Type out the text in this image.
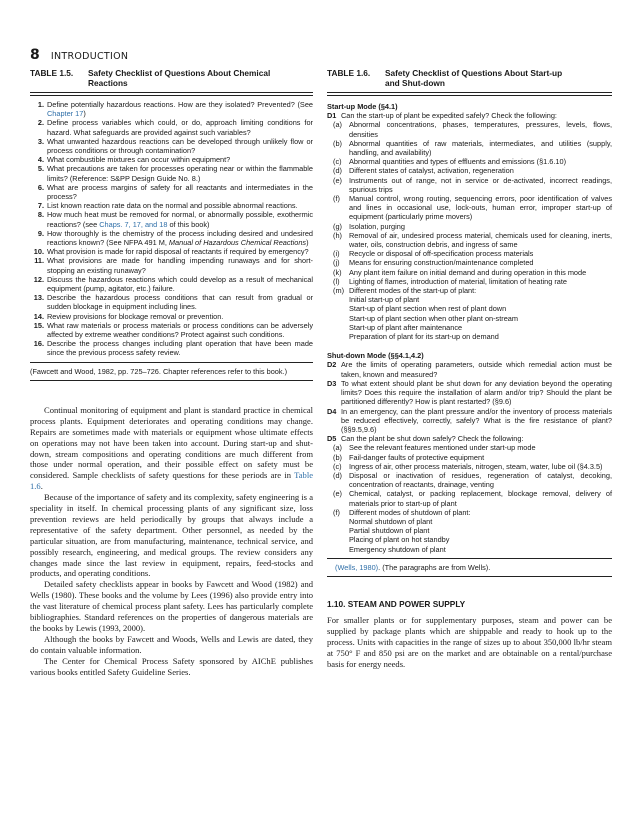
8 INTRODUCTION
TABLE 1.5. Safety Checklist of Questions About Chemical
Reactions
1. Define potentially hazardous reactions. How are they isolated? Prevented? (See Chapter 17)
2. Define process variables which could, or do, approach limiting conditions for hazard. What safeguards are provided against such variables?
3. What unwanted hazardous reactions can be developed through unlikely flow or process conditions or through contamination?
4. What combustible mixtures can occur within equipment?
5. What precautions are taken for processes operating near or within the flammable limits? (Reference: S&PP Design Guide No. 8.)
6. What are process margins of safety for all reactants and intermediates in the process?
7. List known reaction rate data on the normal and possible abnormal reactions.
8. How much heat must be removed for normal, or abnormally possible, exothermic reactions? (see Chaps. 7, 17, and 18 of this book)
9. How thoroughly is the chemistry of the process including desired and undesired reactions known? (See NFPA 491 M, Manual of Hazardous Chemical Reactions)
10. What provision is made for rapid disposal of reactants if required by emergency?
11. What provisions are made for handling impending runaways and for short-stopping an existing runaway?
12. Discuss the hazardous reactions which could develop as a result of mechanical equipment (pump, agitator, etc.) failure.
13. Describe the hazardous process conditions that can result from gradual or sudden blockage in equipment including lines.
14. Review provisions for blockage removal or prevention.
15. What raw materials or process materials or process conditions can be adversely affected by extreme weather conditions? Protect against such conditions.
16. Describe the process changes including plant operation that have been made since the previous process safety review.
(Fawcett and Wood, 1982, pp. 725–726. Chapter references refer to this book.)

Continual monitoring of equipment and plant is standard practice in chemical process plants. Equipment deteriorates and operating conditions may change. Repairs are sometimes made with materials or equipment whose ultimate effects on operations may not have been taken into account. During start-up and shut-down, stream compositions and operating conditions are much different from those under normal operation, and their possible effect on safety must be considered. Sample checklists of safety questions for these periods are in Table 1.6.

Because of the importance of safety and its complexity, safety engineering is a speciality in itself. In chemical processing plants of any significant size, loss prevention reviews are held periodically by groups that always include a representative of the safety department. Other personnel, as needed by the particular situation, are from manufacturing, maintenance, technical service, and possibly research, engineering, and medical groups. The review considers any changes made since the last review in equipment, repairs, feed-stocks and products, and operating conditions.

Detailed safety checklists appear in books by Fawcett and Wood (1982) and Wells (1980). These books and the volume by Lees (1996) also provide entry into the vast literature of chemical process plant safety. Lees has particularly complete bibliographies. Standard references on the properties of dangerous materials are the books by Lewis (1993, 2000).

Although the books by Fawcett and Woods, Wells and Lewis are dated, they do contain valuable information.

The Center for Chemical Process Safety sponsored by AIChE publishes various books entitled Safety Guideline Series.

TABLE 1.6. Safety Checklist of Questions About Start-up
and Shut-down
Start-up Mode (§4.1)
D1 Can the start-up of plant be expedited safely? Check the following:
(a) Abnormal concentrations, phases, temperatures, pressures, levels, flows, densities
(b) Abnormal quantities of raw materials, intermediates, and utilities (supply, handling, and availability)
(c)	Abnormal quantities and types of effluents and emissions (§1.6.10)
(d) Different states of catalyst, activation, regeneration
(e) Instruments out of range, not in service or de-activated, incorrect readings, spurious trips
(f)	Manual control, wrong routing, sequencing errors, poor identification of valves and lines in occasional use, lock-outs, human error, improper start-up of equipment (particularly prime movers)
(g) Isolation, purging
(h) Removal of air, undesired process material, chemicals used for cleaning, inerts, water, oils, construction debris, and ingress of same
(i)	Recycle or disposal of off-specification process materials
(j)	Means for ensuring construction/maintenance completed
(k)	Any plant item failure on initial demand and during operation in this mode
(l)	Lighting of flames, introduction of material, limitation of heating rate
(m) Different modes of the start-up of plant:
Initial start-up of plant
Start-up of plant section when rest of plant down
Start-up of plant section when other plant on-stream
Start-up of plant after maintenance
Preparation of plant for its start-up on demand
Shut-down Mode (§§4.1,4.2)
D2 Are the limits of operating parameters, outside which remedial action must be taken, known and measured?
D3 To what extent should plant be shut down for any deviation beyond the operating limits? Does this require the installation of alarm and/or trip? Should the plant be partitioned differently? How is plant restarted? (§9.6)
D4 In an emergency, can the plant pressure and/or the inventory of process materials be reduced effectively, correctly, safely? What is the fire resistance of plant? (§§9.5,9.6)
D5 Can the plant be shut down safely? Check the following:
(a) See the relevant features mentioned under start-up mode
(b) Fail-danger faults of protective equipment
(c)	Ingress of air, other process materials, nitrogen, steam, water, lube oil (§4.3.5)
(d) Disposal or inactivation of residues, regeneration of catalyst, decoking, concentration of reactants, drainage, venting
(e) Chemical, catalyst, or packing replacement, blockage removal, delivery of materials prior to start-up of plant
(f)	Different modes of shutdown of plant:
Normal shutdown of plant
Partial shutdown of plant
Placing of plant on hot standby
Emergency shutdown of plant
(Wells, 1980). (The paragraphs are from Wells).
1.10. STEAM AND POWER SUPPLY

For smaller plants or for supplementary purposes, steam and power can be supplied by package plants which are shippable and ready to hook up to the process. Units with capacities in the range of sizes up to about 350,000 lb/hr steam at 750° F and 850 psi are on the market and are obtainable on a rental/purchase basis for energy needs.
